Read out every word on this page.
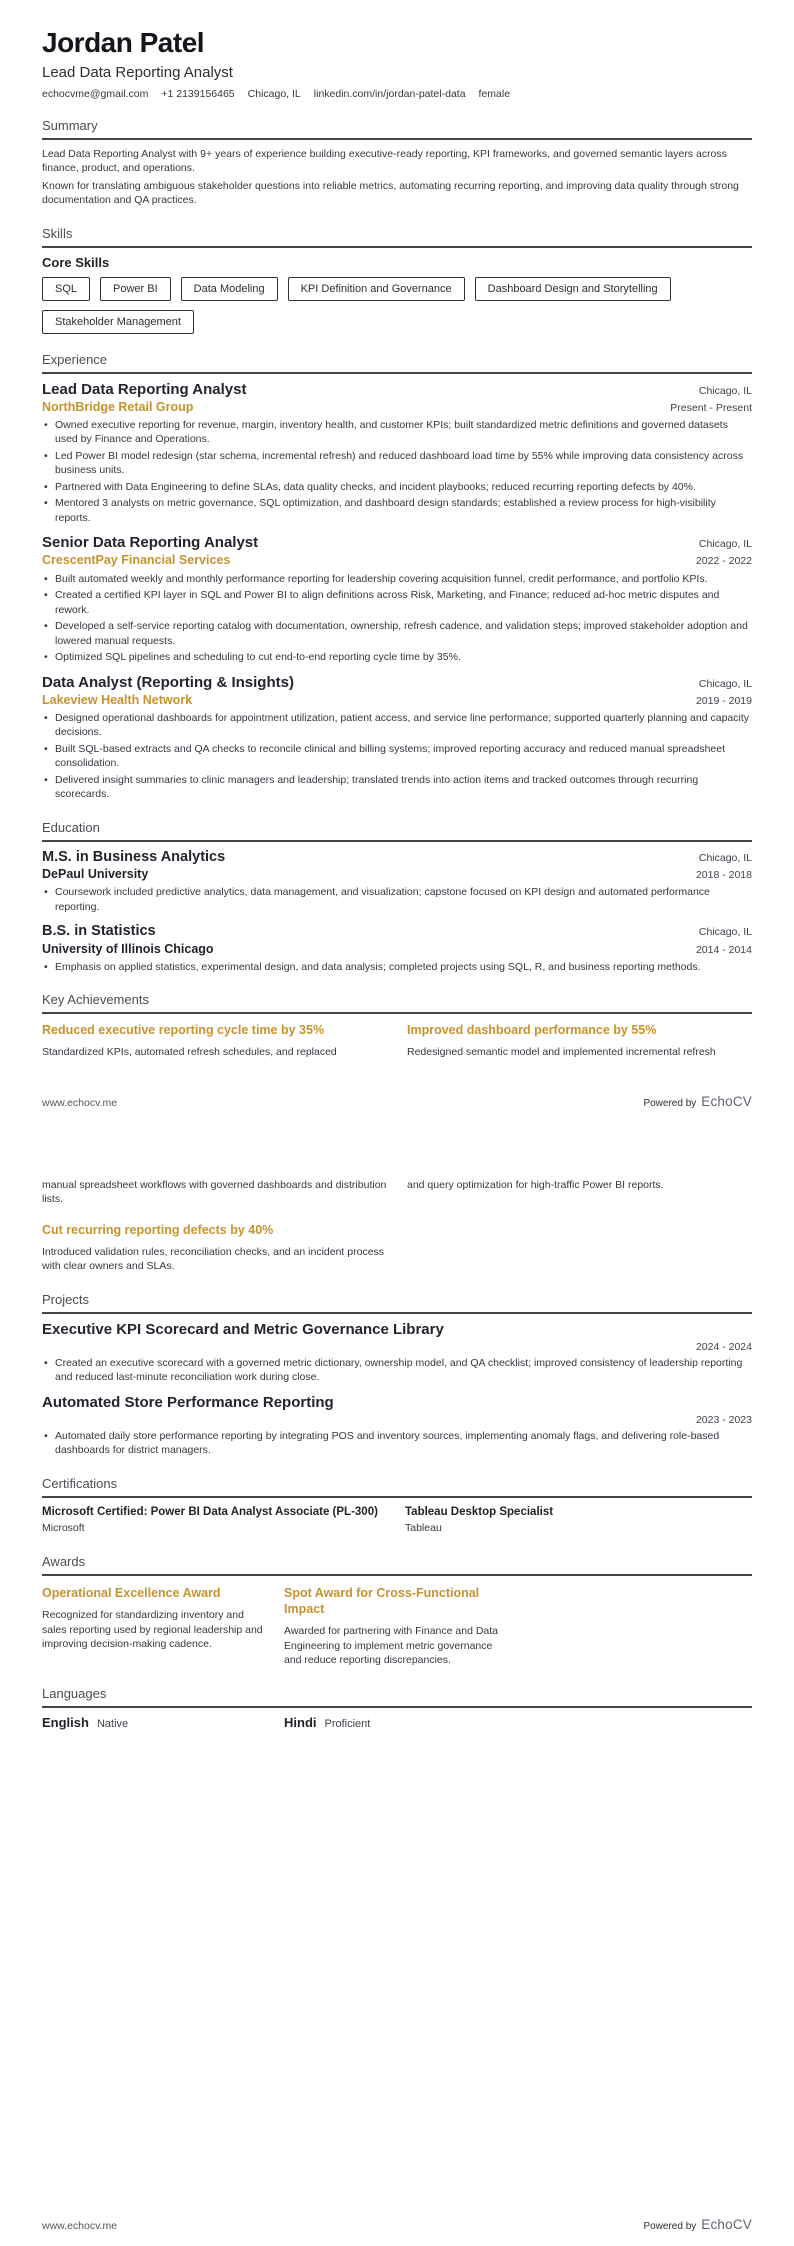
Jordan Patel
Lead Data Reporting Analyst
echocvme@gmail.com +1 2139156465 Chicago, IL linkedin.com/in/jordan-patel-data female
Summary

Lead Data Reporting Analyst with 9+ years of experience building executive-ready reporting, KPI frameworks, and governed semantic layers across finance, product, and operations.

Known for translating ambiguous stakeholder questions into reliable metrics, automating recurring reporting, and improving data quality through strong documentation and QA practices.

Skills
Core Skills
SQL	Power BI	Data Modeling	KPI Definition and Governance	Dashboard Design and Storytelling
Stakeholder Management
Experience
Lead Data Reporting Analyst	Chicago, IL
NorthBridge Retail Group	Present - Present
• Owned executive reporting for revenue, margin, inventory health, and customer KPIs; built standardized metric definitions and governed datasets used by Finance and Operations.
• Led Power BI model redesign (star schema, incremental refresh) and reduced dashboard load time by 55% while improving data consistency across business units.
• Partnered with Data Engineering to define SLAs, data quality checks, and incident playbooks; reduced recurring reporting defects by 40%.
• Mentored 3 analysts on metric governance, SQL optimization, and dashboard design standards; established a review process for high-visibility reports.
Senior Data Reporting Analyst	Chicago, IL
CrescentPay Financial Services	2022 - 2022
• Built automated weekly and monthly performance reporting for leadership covering acquisition funnel, credit performance, and portfolio KPIs.
• Created a certified KPI layer in SQL and Power BI to align definitions across Risk, Marketing, and Finance; reduced ad-hoc metric disputes and rework.
• Developed a self-service reporting catalog with documentation, ownership, refresh cadence, and validation steps; improved stakeholder adoption and lowered manual requests.
• Optimized SQL pipelines and scheduling to cut end-to-end reporting cycle time by 35%.
Data Analyst (Reporting & Insights)	Chicago, IL
Lakeview Health Network	2019 - 2019
• Designed operational dashboards for appointment utilization, patient access, and service line performance; supported quarterly planning and capacity decisions.
• Built SQL-based extracts and QA checks to reconcile clinical and billing systems; improved reporting accuracy and reduced manual spreadsheet consolidation.
• Delivered insight summaries to clinic managers and leadership; translated trends into action items and tracked outcomes through recurring scorecards.
Education
M.S. in Business Analytics	Chicago, IL
DePaul University	2018 - 2018
• Coursework included predictive analytics, data management, and visualization; capstone focused on KPI design and automated performance reporting.
B.S. in Statistics	Chicago, IL
University of Illinois Chicago	2014 - 2014
• Emphasis on applied statistics, experimental design, and data analysis; completed projects using SQL, R, and business reporting methods.
Key Achievements
Reduced executive reporting cycle time by 35%
Standardized KPIs, automated refresh schedules, and replaced
Improved dashboard performance by 55%
Redesigned semantic model and implemented incremental refresh
www.echocv.me	Powered by EchoCV
manual spreadsheet workflows with governed dashboards and distribution lists.
and query optimization for high-traffic Power BI reports.
Cut recurring reporting defects by 40%
Introduced validation rules, reconciliation checks, and an incident process with clear owners and SLAs.
Projects
Executive KPI Scorecard and Metric Governance Library
2024 - 2024
• Created an executive scorecard with a governed metric dictionary, ownership model, and QA checklist; improved consistency of leadership reporting and reduced last-minute reconciliation work during close.
Automated Store Performance Reporting
2023 - 2023
• Automated daily store performance reporting by integrating POS and inventory sources, implementing anomaly flags, and delivering role-based dashboards for district managers.
Certifications
Microsoft Certified: Power BI Data Analyst Associate (PL-300)
Microsoft
Tableau Desktop Specialist
Tableau
Awards
Operational Excellence Award
Recognized for standardizing inventory and sales reporting used by regional leadership and improving decision-making cadence.
Spot Award for Cross-Functional Impact
Awarded for partnering with Finance and Data Engineering to implement metric governance and reduce reporting discrepancies.
Languages
English Native	Hindi Proficient
www.echocv.me	Powered by EchoCV
